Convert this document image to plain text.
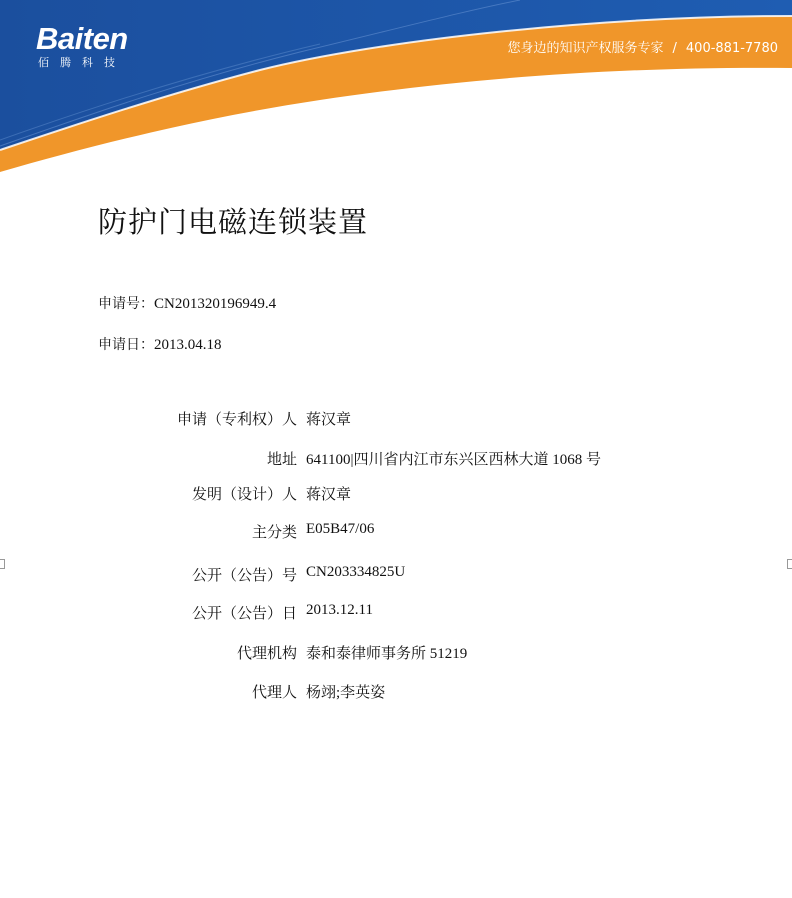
Baiten
佰腾科技
您身边的知识产权服务专家 / 400-881-7780
防护门电磁连锁装置
申请号：CN201320196949.4
申请日：2013.04.18
申请（专利权）人 蒋汉章
地址 641100|四川省内江市东兴区西林大道 1068 号
发明（设计）人 蒋汉章
主分类 E05B47/06
公开（公告）号 CN203334825U
公开（公告）日 2013.12.11
代理机构 泰和泰律师事务所 51219
代理人 杨翊;李英姿
